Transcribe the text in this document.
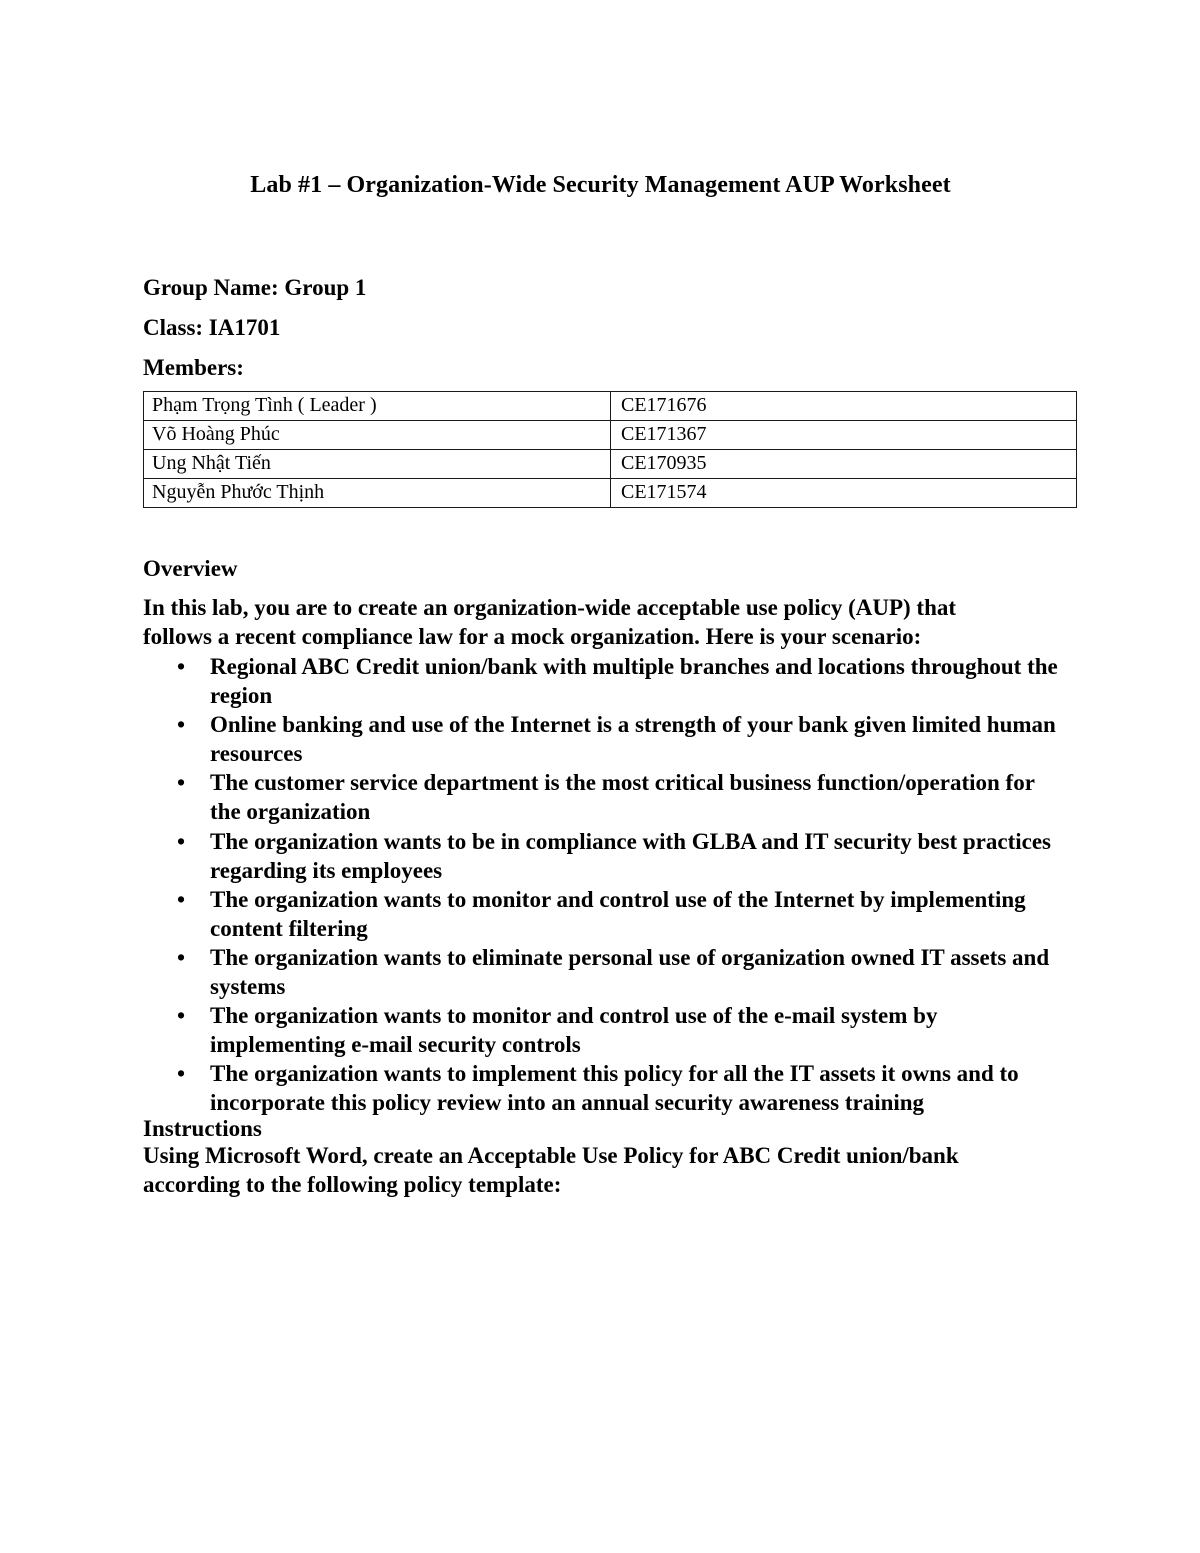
Lab #1 – Organization-Wide Security Management AUP Worksheet

Group Name: Group 1

Class: IA1701

Members:

Phạm Trọng Tình ( Leader )	CE171676
Võ Hoàng Phúc	CE171367
Ung Nhật Tiến	CE170935
Nguyễn Phước Thịnh	CE171574
Overview

In this lab, you are to create an organization-wide acceptable use policy (AUP) that follows a recent compliance law for a mock organization. Here is your scenario:

• Regional ABC Credit union/bank with multiple branches and locations throughout the region
• Online banking and use of the Internet is a strength of your bank given limited human resources
• The customer service department is the most critical business function/operation for the organization
• The organization wants to be in compliance with GLBA and IT security best practices regarding its employees
• The organization wants to monitor and control use of the Internet by implementing content filtering
• The organization wants to eliminate personal use of organization owned IT assets and systems
• The organization wants to monitor and control use of the e-mail system by implementing e-mail security controls
• The organization wants to implement this policy for all the IT assets it owns and to incorporate this policy review into an annual security awareness training
Instructions

Using Microsoft Word, create an Acceptable Use Policy for ABC Credit union/bank according to the following policy template:
